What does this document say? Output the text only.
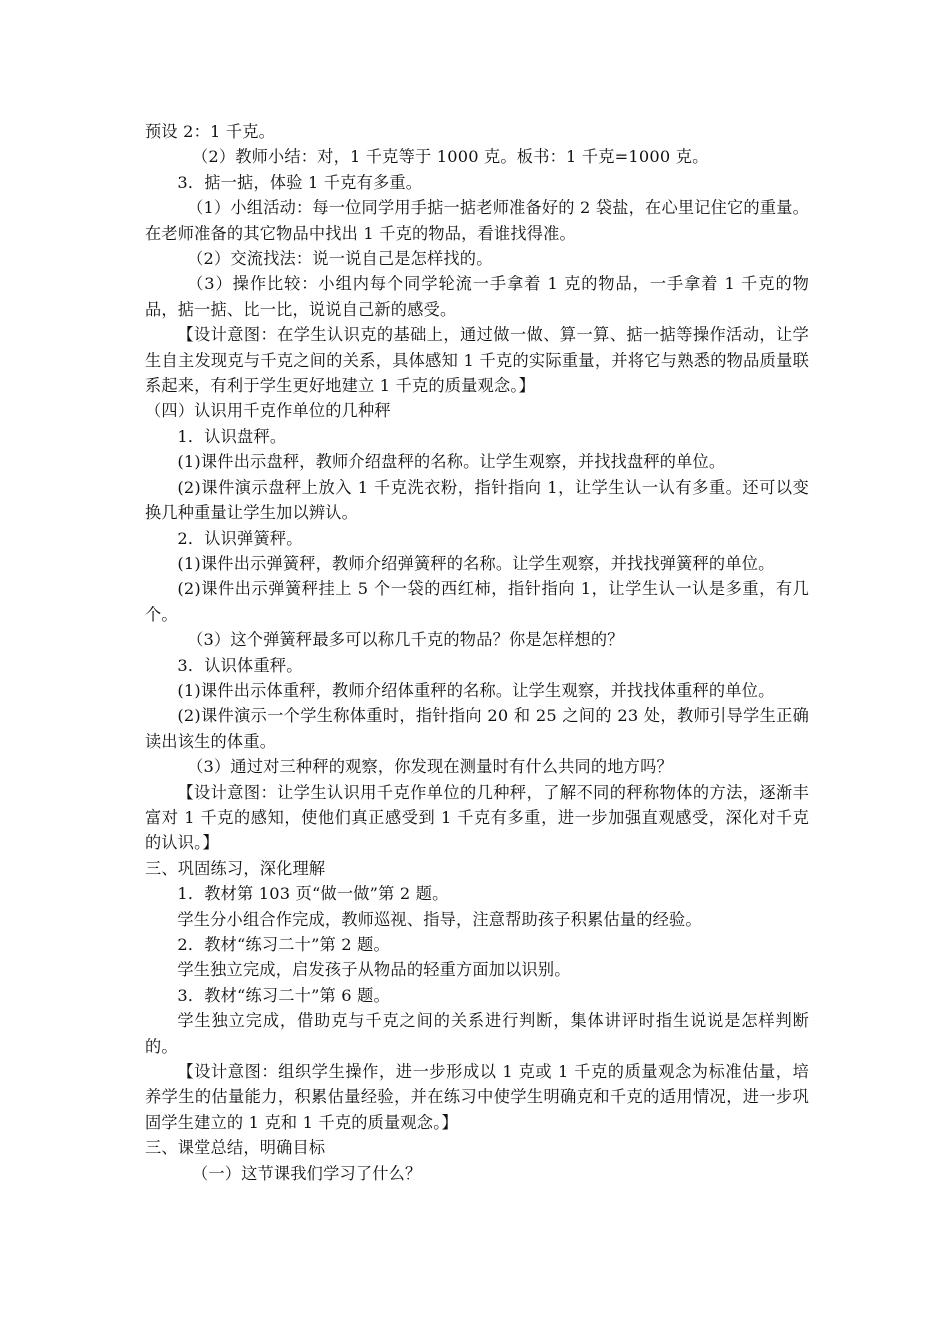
预设 2：1 千克。

（2）教师小结：对，1 千克等于 1000 克。板书：1 千克=1000 克。

3．掂一掂，体验 1 千克有多重。

（1）小组活动：每一位同学用手掂一掂老师准备好的 2 袋盐，在心里记住它的重量。在老师准备的其它物品中找出 1 千克的物品，看谁找得准。

（2）交流找法：说一说自己是怎样找的。

（3）操作比较：小组内每个同学轮流一手拿着 1 克的物品，一手拿着 1 千克的物品，掂一掂、比一比，说说自己新的感受。

【设计意图：在学生认识克的基础上，通过做一做、算一算、掂一掂等操作活动，让学生自主发现克与千克之间的关系，具体感知 1 千克的实际重量，并将它与熟悉的物品质量联系起来，有利于学生更好地建立 1 千克的质量观念。】

（四）认识用千克作单位的几种秤

1．认识盘秤。

(1)课件出示盘秤，教师介绍盘秤的名称。让学生观察，并找找盘秤的单位。

(2)课件演示盘秤上放入 1 千克洗衣粉，指针指向 1，让学生认一认有多重。还可以变换几种重量让学生加以辨认。

2．认识弹簧秤。

(1)课件出示弹簧秤，教师介绍弹簧秤的名称。让学生观察，并找找弹簧秤的单位。

(2)课件出示弹簧秤挂上 5 个一袋的西红柿，指针指向 1，让学生认一认是多重，有几个。

（3）这个弹簧秤最多可以称几千克的物品？你是怎样想的？

3．认识体重秤。

(1)课件出示体重秤，教师介绍体重秤的名称。让学生观察，并找找体重秤的单位。

(2)课件演示一个学生称体重时，指针指向 20 和 25 之间的 23 处，教师引导学生正确读出该生的体重。

（3）通过对三种秤的观察，你发现在测量时有什么共同的地方吗？

【设计意图：让学生认识用千克作单位的几种秤，了解不同的秤称物体的方法，逐渐丰富对 1 千克的感知，使他们真正感受到 1 千克有多重，进一步加强直观感受，深化对千克的认识。】

三、巩固练习，深化理解

1．教材第 103 页“做一做”第 2 题。

学生分小组合作完成，教师巡视、指导，注意帮助孩子积累估量的经验。

2．教材“练习二十”第 2 题。

学生独立完成，启发孩子从物品的轻重方面加以识别。

3．教材“练习二十”第 6 题。

学生独立完成，借助克与千克之间的关系进行判断，集体讲评时指生说说是怎样判断的。

【设计意图：组织学生操作，进一步形成以 1 克或 1 千克的质量观念为标准估量，培养学生的估量能力，积累估量经验，并在练习中使学生明确克和千克的适用情况，进一步巩固学生建立的 1 克和 1 千克的质量观念。】

三、课堂总结，明确目标

（一）这节课我们学习了什么？
